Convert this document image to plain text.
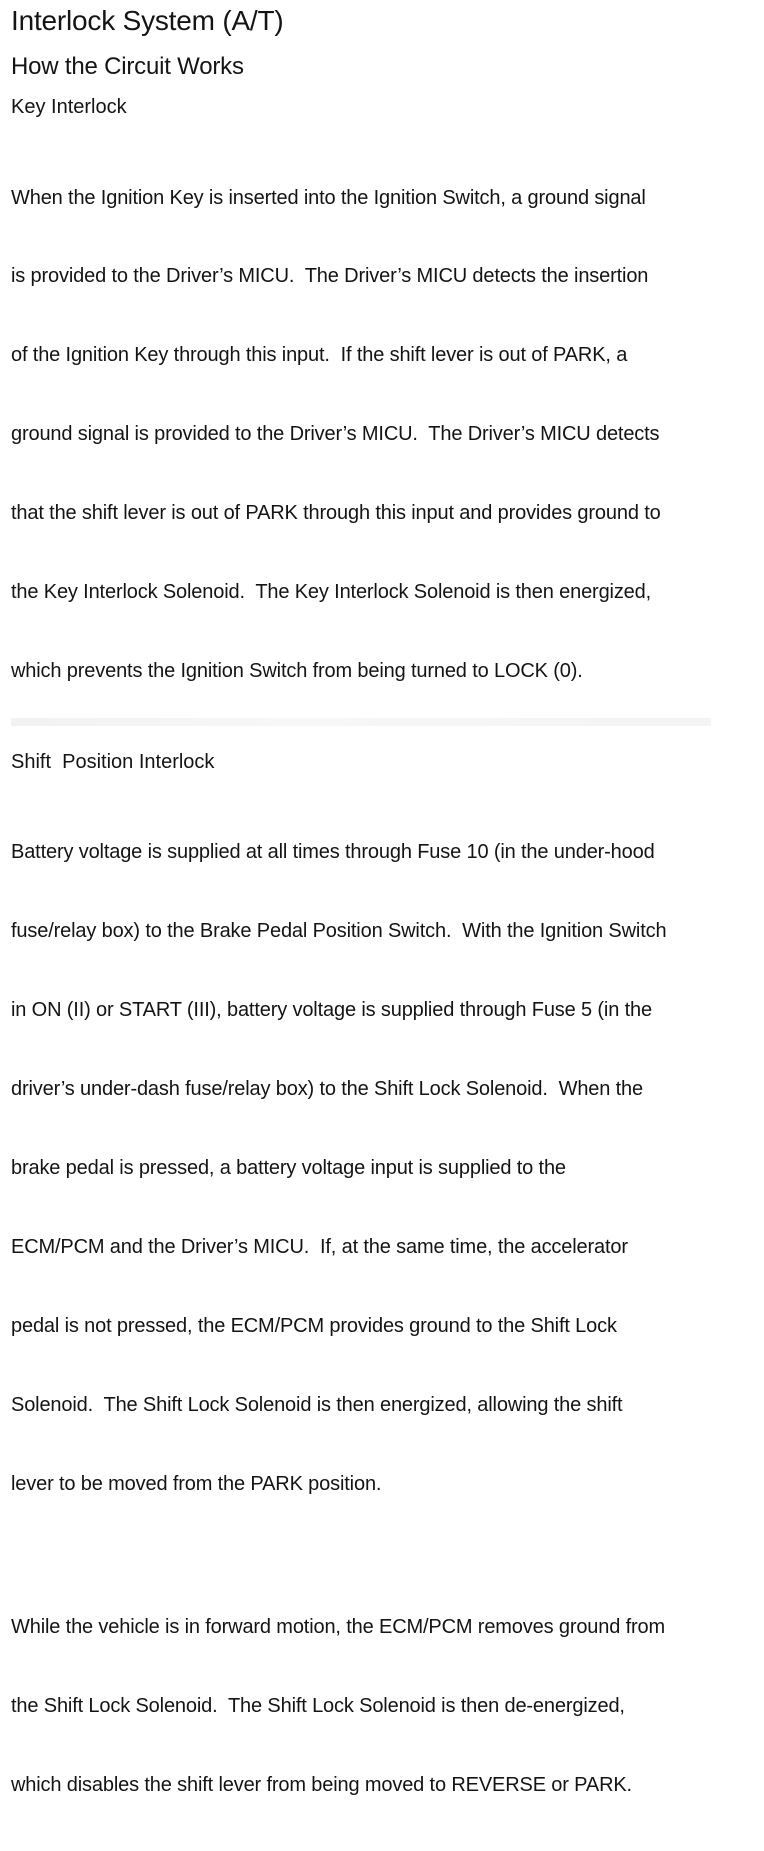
Interlock System (A/T)
How the Circuit Works
Key Interlock

When the Ignition Key is inserted into the Ignition Switch, a ground signal

is provided to the Driver’s MICU.  The Driver’s MICU detects the insertion

of the Ignition Key through this input.  If the shift lever is out of PARK, a

ground signal is provided to the Driver’s MICU.  The Driver’s MICU detects

that the shift lever is out of PARK through this input and provides ground to

the Key Interlock Solenoid.  The Key Interlock Solenoid is then energized,

which prevents the Ignition Switch from being turned to LOCK (0).

Shift  Position Interlock

Battery voltage is supplied at all times through Fuse 10 (in the under-hood

fuse/relay box) to the Brake Pedal Position Switch.  With the Ignition Switch

in ON (II) or START (III), battery voltage is supplied through Fuse 5 (in the

driver’s under-dash fuse/relay box) to the Shift Lock Solenoid.  When the

brake pedal is pressed, a battery voltage input is supplied to the

ECM/PCM and the Driver’s MICU.  If, at the same time, the accelerator

pedal is not pressed, the ECM/PCM provides ground to the Shift Lock

Solenoid.  The Shift Lock Solenoid is then energized, allowing the shift

lever to be moved from the PARK position.

While the vehicle is in forward motion, the ECM/PCM removes ground from

the Shift Lock Solenoid.  The Shift Lock Solenoid is then de-energized,

which disables the shift lever from being moved to REVERSE or PARK.
